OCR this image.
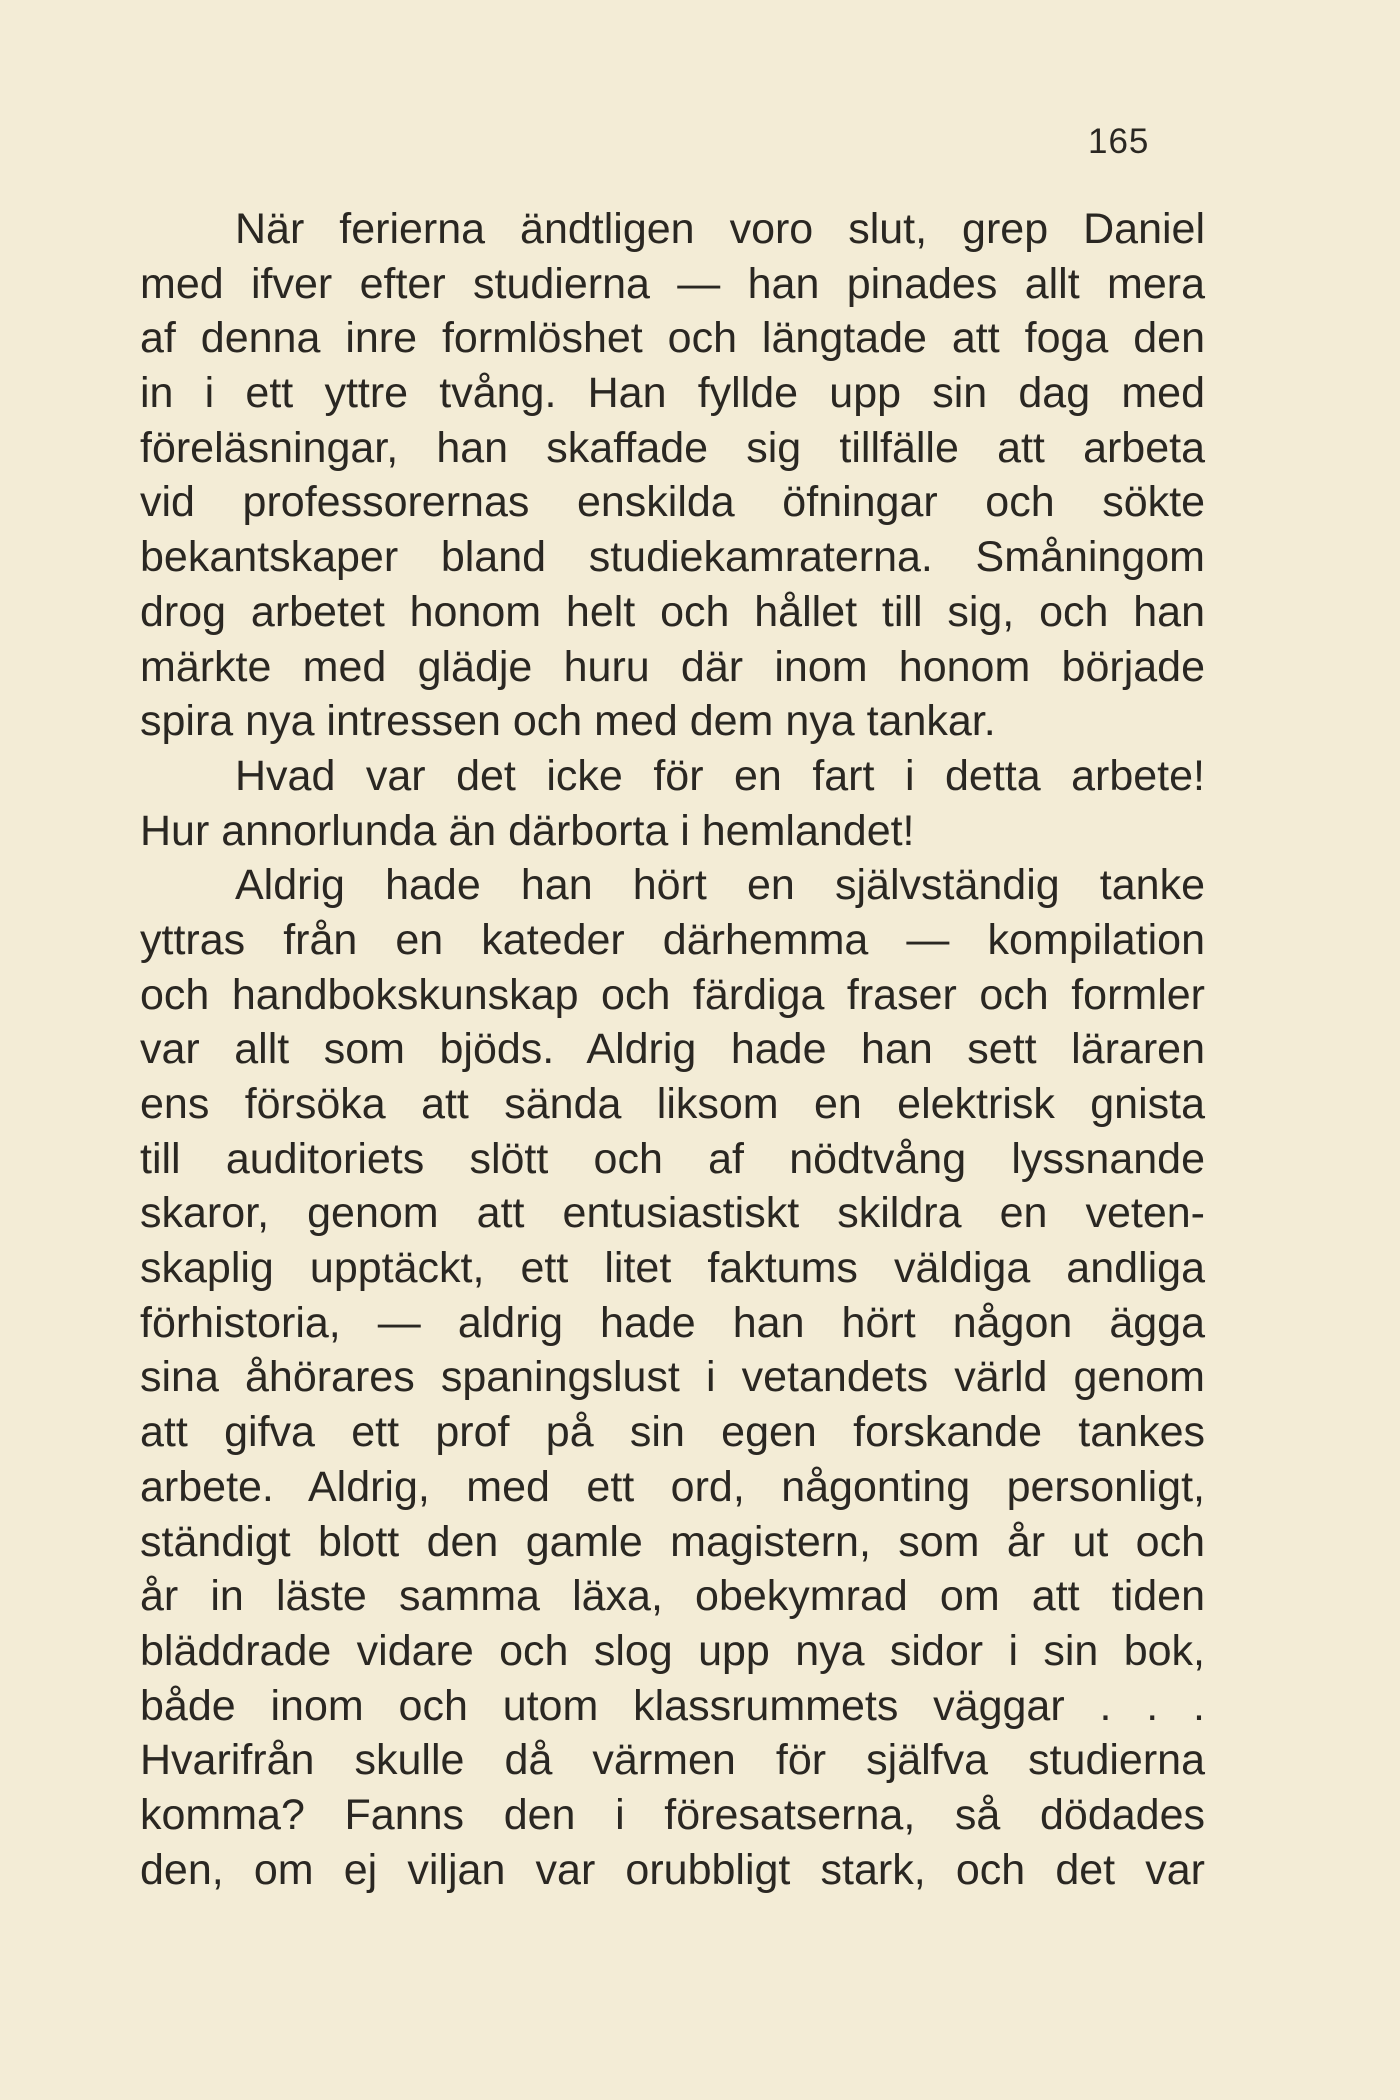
165
När ferierna ändtligen voro slut, grep Daniel
med ifver efter studierna — han pinades allt mera
af denna inre formlöshet och längtade att foga den
in i ett yttre tvång. Han fyllde upp sin dag med
föreläsningar, han skaffade sig tillfälle att arbeta
vid professorernas enskilda öfningar och sökte
bekantskaper bland studiekamraterna. Småningom
drog arbetet honom helt och hållet till sig, och han
märkte med glädje huru där inom honom började
spira nya intressen och med dem nya tankar.
Hvad var det icke för en fart i detta arbete!
Hur annorlunda än därborta i hemlandet!
Aldrig hade han hört en självständig tanke
yttras från en kateder därhemma — kompilation
och handbokskunskap och färdiga fraser och formler
var allt som bjöds. Aldrig hade han sett läraren
ens försöka att sända liksom en elektrisk gnista
till auditoriets slött och af nödtvång lyssnande
skaror, genom att entusiastiskt skildra en veten-
skaplig upptäckt, ett litet faktums väldiga andliga
förhistoria, — aldrig hade han hört någon ägga
sina åhörares spaningslust i vetandets värld genom
att gifva ett prof på sin egen forskande tankes
arbete. Aldrig, med ett ord, någonting personligt,
ständigt blott den gamle magistern, som år ut och
år in läste samma läxa, obekymrad om att tiden
bläddrade vidare och slog upp nya sidor i sin bok,
både inom och utom klassrummets väggar . . .
Hvarifrån skulle då värmen för själfva studierna
komma? Fanns den i föresatserna, så dödades
den, om ej viljan var orubbligt stark, och det var
